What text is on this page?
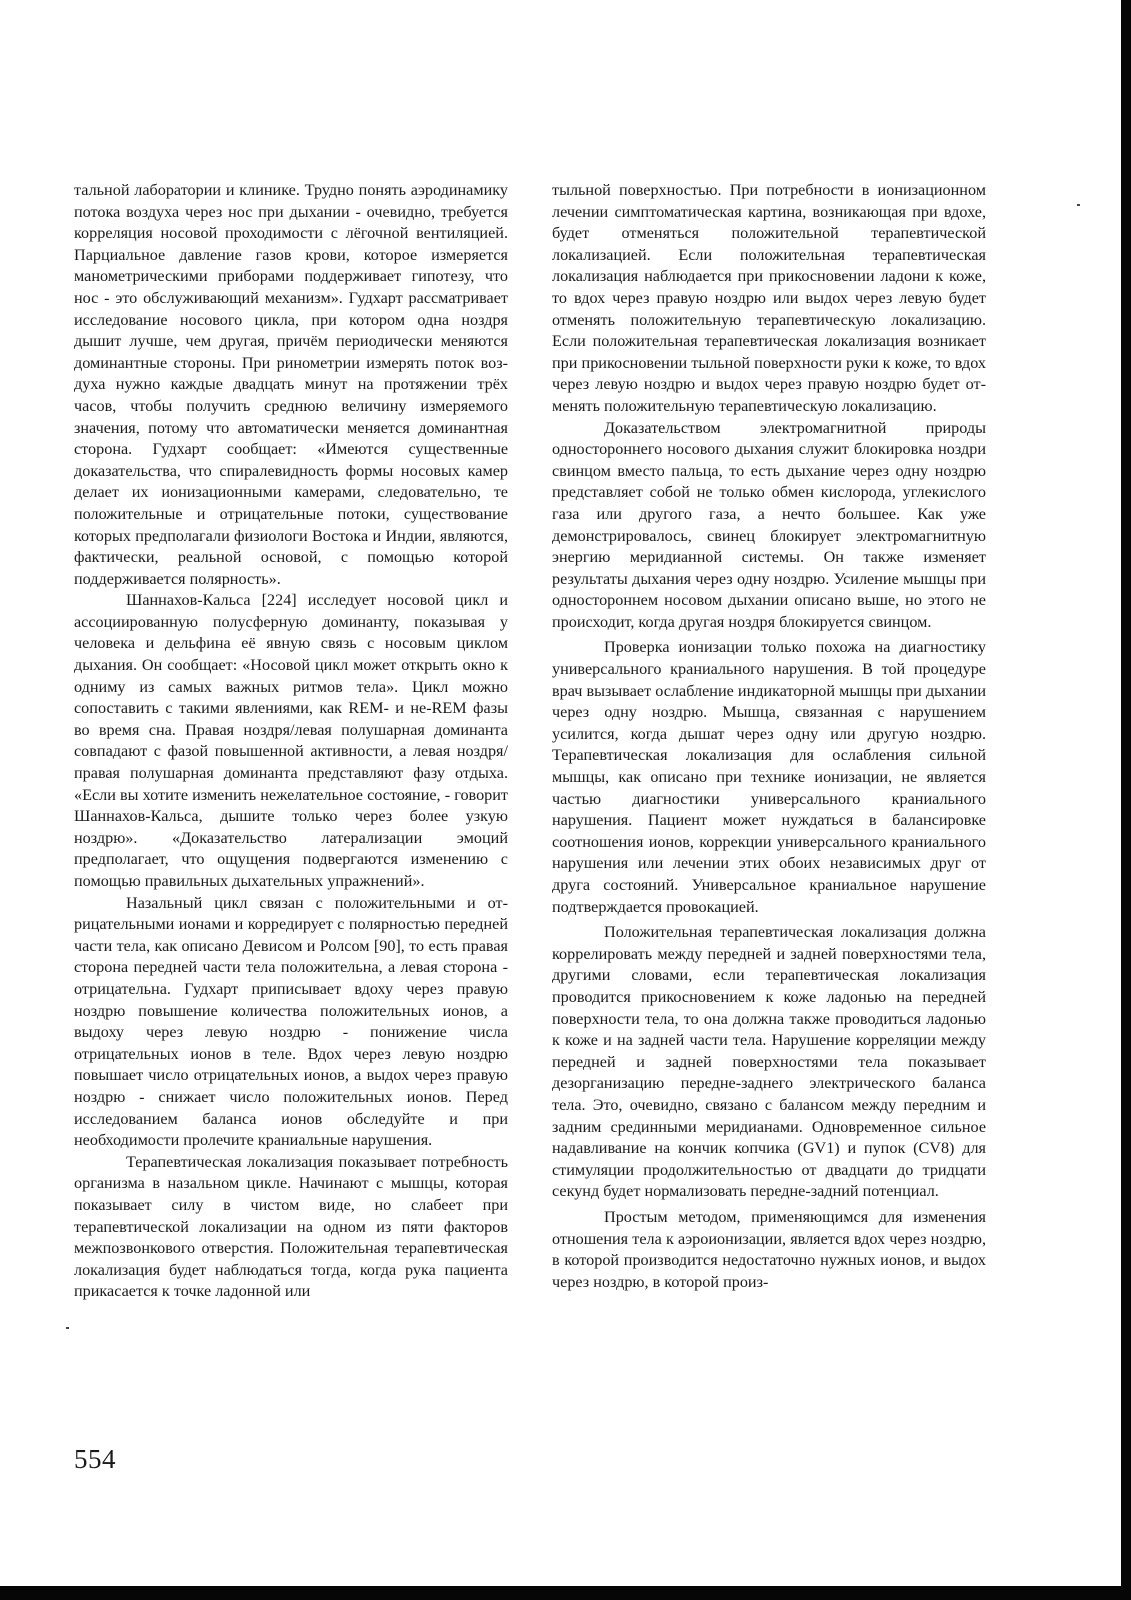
тальной лаборатории и клинике. Трудно понять аэродинамику потока воздуха через нос при дыхании - очевидно, требуется корреляция носовой проходимости с лёгочной вентиляцией. Парциальное давление газов крови, которое измеряется манометрическими приборами поддерживает гипотезу, что нос - это обслуживающий механизм». Гудхарт рассматривает исследование носового цикла, при котором одна ноздря дышит лучше, чем другая, причём периодически меняются доминантные стороны. При ринометрии измерять поток воздуха нужно каждые двадцать минут на протяжении трёх часов, чтобы получить среднюю величину измеряемого значения, потому что автоматически меняется доминантная сторона. Гудхарт сообщает: «Имеются существенные доказательства, что спиралевидность формы носовых камер делает их ионизационными камерами, следовательно, те положительные и отрицательные потоки, существование которых предполагали физиологи Востока и Индии, являются, фактически, реальной основой, с помощью которой поддерживается полярность».

Шаннахов-Кальса [224] исследует носовой цикл и ассоциированную полусферную доминанту, показывая у человека и дельфина её явную связь с носовым циклом дыхания. Он сообщает: «Носовой цикл может открыть окно к одниму из самых важных ритмов тела». Цикл можно сопоставить с такими явлениями, как REM- и не-REM фазы во время сна. Правая ноздря/левая полушарная доминанта совпадают с фазой повышенной активности, а левая ноздря/правая полушарная доминанта представляют фазу отдыха. «Если вы хотите изменить нежелательное состояние, - говорит Шаннахов-Кальса, дышите только через более узкую ноздрю». «Доказательство латерализации эмоций предполагает, что ощущения подвергаются изменению с помощью правильных дыхательных упражнений».

Назальный цикл связан с положительными и отрицательными ионами и корредирует с полярностью передней части тела, как описано Девисом и Ролсом [90], то есть правая сторона передней части тела положительна, а левая сторона - отрицательна. Гудхарт приписывает вдоху через правую ноздрю повышение количества положительных ионов, а выдоху через левую ноздрю - понижение числа отрицательных ионов в теле. Вдох через левую ноздрю повышает число отрицательных ионов, а выдох через правую ноздрю - снижает число положительных ионов. Перед исследованием баланса ионов обследуйте и при необходимости пролечите краниальные нарушения.

Терапевтическая локализация показывает потребность организма в назальном цикле. Начинают с мышцы, которая показывает силу в чистом виде, но слабеет при терапевтической локализации на одном из пяти факторов межпозвонкового отверстия. Положительная терапевтическая локализация будет наблюдаться тогда, когда рука пациента прикасается к точке ладонной или

тыльной поверхностью. При потребности в ионизационном лечении симптоматическая картина, возникающая при вдохе, будет отменяться положительной терапевтической локализацией. Если положительная терапевтическая локализация наблюдается при прикосновении ладони к коже, то вдох через правую ноздрю или выдох через левую будет отменять положительную терапевтическую локализацию. Если положительная терапевтическая локализация возникает при прикосновении тыльной поверхности руки к коже, то вдох через левую ноздрю и выдох через правую ноздрю будет отменять положительную терапевтическую локализацию.

Доказательством электромагнитной природы одностороннего носового дыхания служит блокировка ноздри свинцом вместо пальца, то есть дыхание через одну ноздрю представляет собой не только обмен кислорода, углекислого газа или другого газа, а нечто большее. Как уже демонстрировалось, свинец блокирует электромагнитную энергию меридианной системы. Он также изменяет результаты дыхания через одну ноздрю. Усиление мышцы при одностороннем носовом дыхании описано выше, но этого не происходит, когда другая ноздря блокируется свинцом.

Проверка ионизации только похожа на диагностику универсального краниального нарушения. В той процедуре врач вызывает ослабление индикаторной мышцы при дыхании через одну ноздрю. Мышца, связанная с нарушением усилится, когда дышат через одну или другую ноздрю. Терапевтическая локализация для ослабления сильной мышцы, как описано при технике ионизации, не является частью диагностики универсального краниального нарушения. Пациент может нуждаться в балансировке соотношения ионов, коррекции универсального краниального нарушения или лечении этих обоих независимых друг от друга состояний. Универсальное краниальное нарушение подтверждается провокацией.

Положительная терапевтическая локализация должна коррелировать между передней и задней поверхностями тела, другими словами, если терапевтическая локализация проводится прикосновением к коже ладонью на передней поверхности тела, то она должна также проводиться ладонью к коже и на задней части тела. Нарушение корреляции между передней и задней поверхностями тела показывает дезорганизацию передне-заднего электрического баланса тела. Это, очевидно, связано с балансом между передним и задним срединными меридианами. Одновременное сильное надавливание на кончик копчика (GV1) и пупок (CV8) для стимуляции продолжительностью от двадцати до тридцати секунд будет нормализовать передне-задний потенциал.

Простым методом, применяющимся для изменения отношения тела к аэроионизации, является вдох через ноздрю, в которой производится недостаточно нужных ионов, и выдох через ноздрю, в которой произ-

554
